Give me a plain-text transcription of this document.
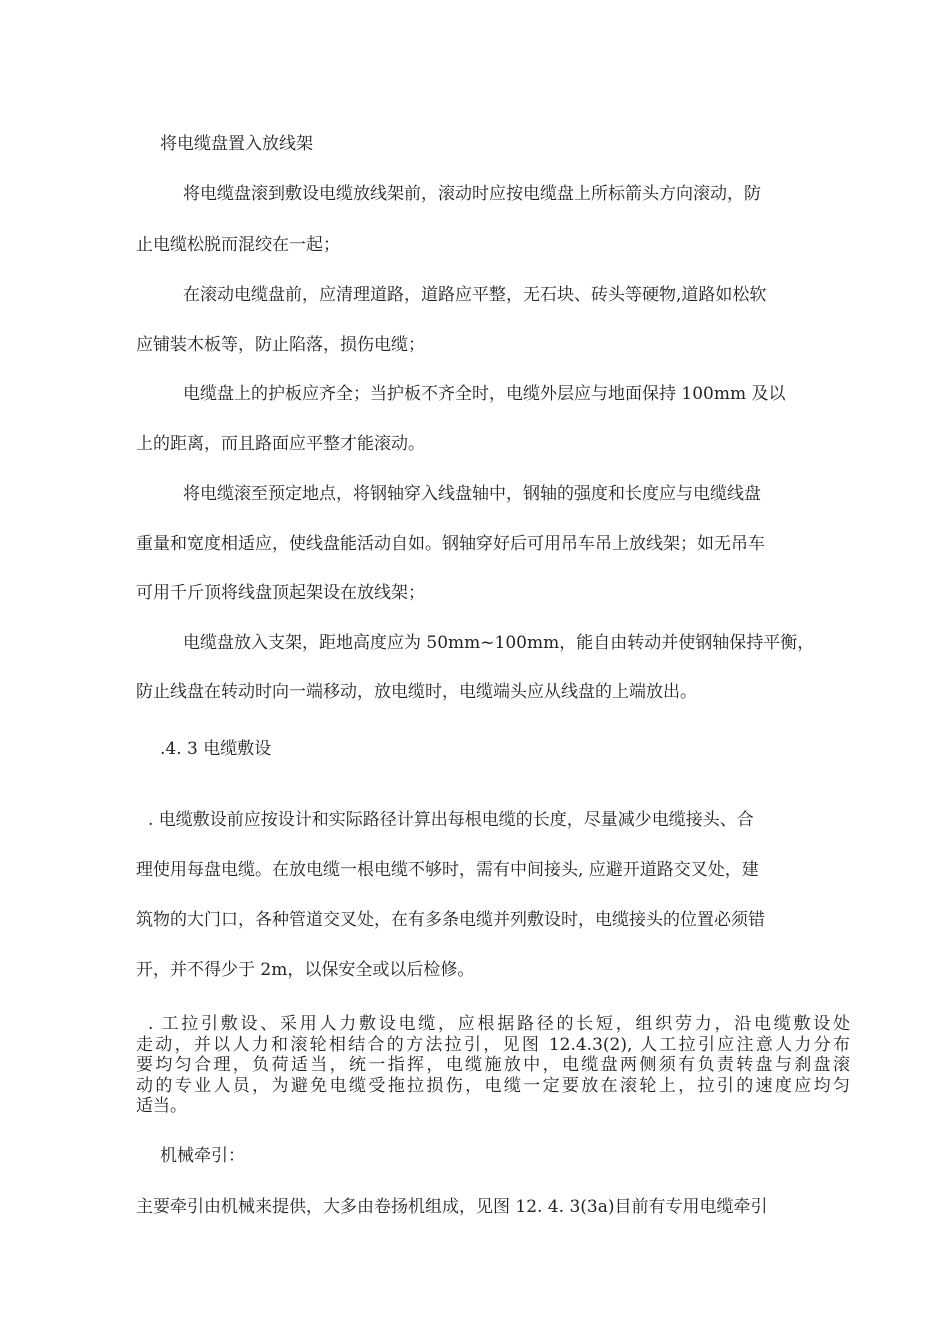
将电缆盘置入放线架
将电缆盘滚到敷设电缆放线架前，滚动时应按电缆盘上所标箭头方向滚动，防
止电缆松脱而混绞在一起；
在滚动电缆盘前，应清理道路，道路应平整，无石块、砖头等硬物,道路如松软
应铺装木板等，防止陷落，损伤电缆；
电缆盘上的护板应齐全；当护板不齐全时，电缆外层应与地面保持 100mm 及以
上的距离，而且路面应平整才能滚动。
将电缆滚至预定地点，将钢轴穿入线盘轴中，钢轴的强度和长度应与电缆线盘
重量和宽度相适应，使线盘能活动自如。钢轴穿好后可用吊车吊上放线架；如无吊车
可用千斤顶将线盘顶起架设在放线架；
电缆盘放入支架，距地高度应为 50mm~100mm，能自由转动并使钢轴保持平衡，
防止线盘在转动时向一端移动，放电缆时，电缆端头应从线盘的上端放出。
.4. 3 电缆敷设
. 电缆敷设前应按设计和实际路径计算出每根电缆的长度，尽量减少电缆接头、合
理使用每盘电缆。在放电缆一根电缆不够时，需有中间接头, 应避开道路交叉处，建
筑物的大门口，各种管道交叉处，在有多条电缆并列敷设时，电缆接头的位置必须错
开，并不得少于 2m，以保安全或以后检修。
. 工拉引敷设、采用人力敷设电缆，应根据路径的长短，组织劳力，沿电缆敷设处
走动，并以人力和滚轮相结合的方法拉引，见图 12.4.3(2), 人工拉引应注意人力分布
要均匀合理，负荷适当，统一指挥，电缆施放中，电缆盘两侧须有负责转盘与刹盘滚
动的专业人员，为避免电缆受拖拉损伤，电缆一定要放在滚轮上，拉引的速度应均匀
适当。
机械牵引：
主要牵引由机械来提供，大多由卷扬机组成，见图 12. 4. 3(3a)目前有专用电缆牵引
